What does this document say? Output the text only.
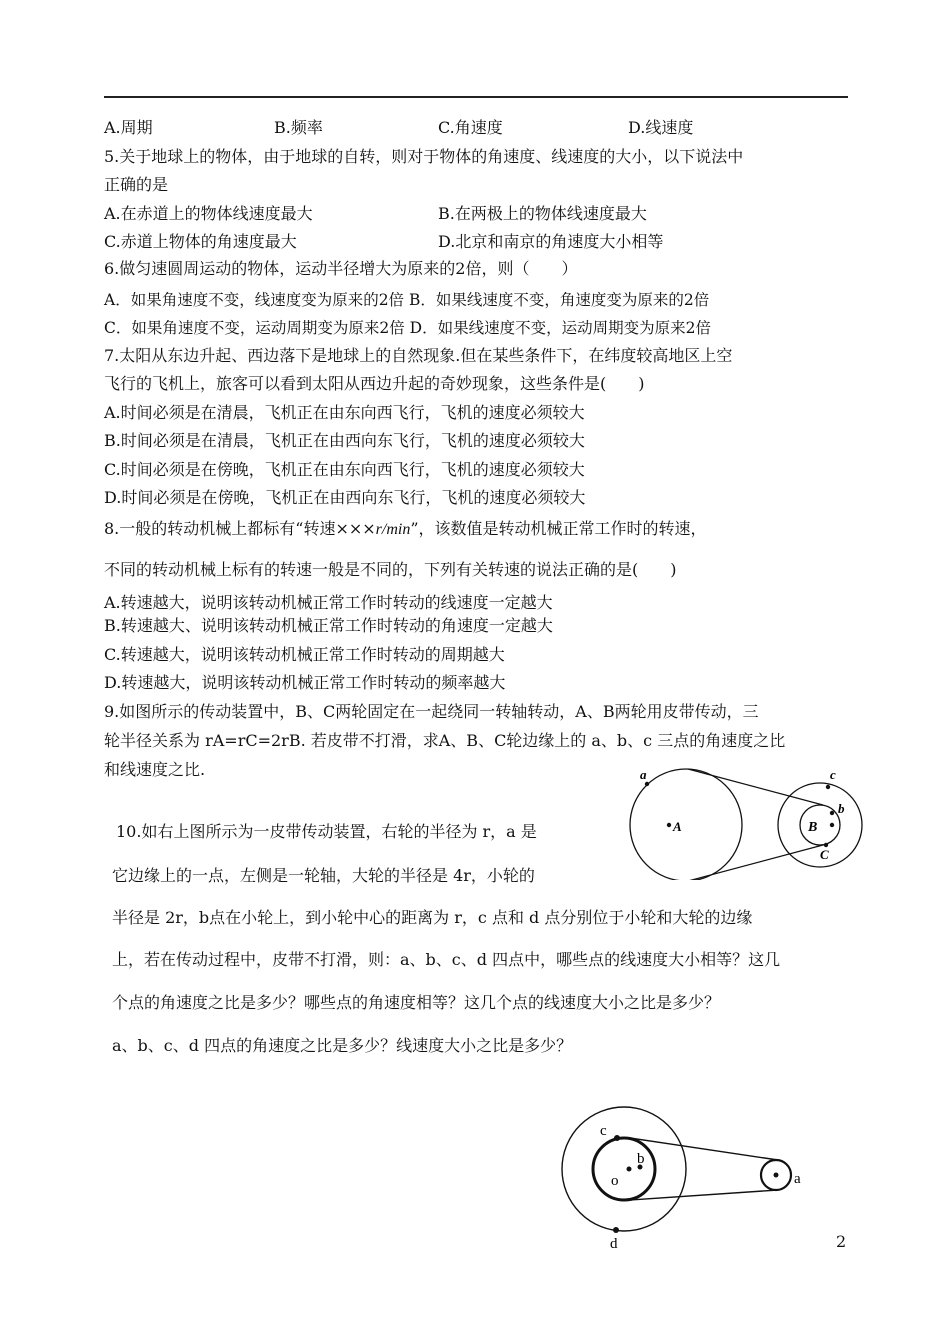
A.周期	B.频率	C.角速度	D.线速度
5.关于地球上的物体，由于地球的自转，则对于物体的角速度、线速度的大小，以下说法中
正确的是
A.在赤道上的物体线速度最大	B.在两极上的物体线速度最大
C.赤道上物体的角速度最大	D.北京和南京的角速度大小相等
6.做匀速圆周运动的物体，运动半径增大为原来的2倍，则（　　）
A．如果角速度不变，线速度变为原来的2倍 B．如果线速度不变，角速度变为原来的2倍
C．如果角速度不变，运动周期变为原来2倍 D．如果线速度不变，运动周期变为原来2倍
7.太阳从东边升起、西边落下是地球上的自然现象.但在某些条件下，在纬度较高地区上空
飞行的飞机上，旅客可以看到太阳从西边升起的奇妙现象，这些条件是(　　)
A.时间必须是在清晨，飞机正在由东向西飞行，飞机的速度必须较大
B.时间必须是在清晨，飞机正在由西向东飞行，飞机的速度必须较大
C.时间必须是在傍晚，飞机正在由东向西飞行，飞机的速度必须较大
D.时间必须是在傍晚，飞机正在由西向东飞行，飞机的速度必须较大
8.一般的转动机械上都标有“转速×××r/min”，该数值是转动机械正常工作时的转速，
不同的转动机械上标有的转速一般是不同的，下列有关转速的说法正确的是(　　)
A.转速越大，说明该转动机械正常工作时转动的线速度一定越大
B.转速越大、说明该转动机械正常工作时转动的角速度一定越大
C.转速越大，说明该转动机械正常工作时转动的周期越大
D.转速越大，说明该转动机械正常工作时转动的频率越大
9.如图所示的传动装置中，B、C两轮固定在一起绕同一转轴转动，A、B两轮用皮带传动，三
轮半径关系为 rA=rC=2rB. 若皮带不打滑，求A、B、C轮边缘上的 a、b、c 三点的角速度之比
和线速度之比.	a
A	B
b
c
C
10.如右上图所示为一皮带传动装置，右轮的半径为 r，a 是
它边缘上的一点，左侧是一轮轴，大轮的半径是 4r，小轮的
半径是 2r，b点在小轮上，到小轮中心的距离为 r，c 点和 d 点分别位于小轮和大轮的边缘
上，若在传动过程中，皮带不打滑，则：a、b、c、d 四点中，哪些点的线速度大小相等？这几
个点的角速度之比是多少？哪些点的角速度相等？这几个点的线速度大小之比是多少？
a、b、c、d 四点的角速度之比是多少？线速度大小之比是多少？
c
b
o	a
d	2
